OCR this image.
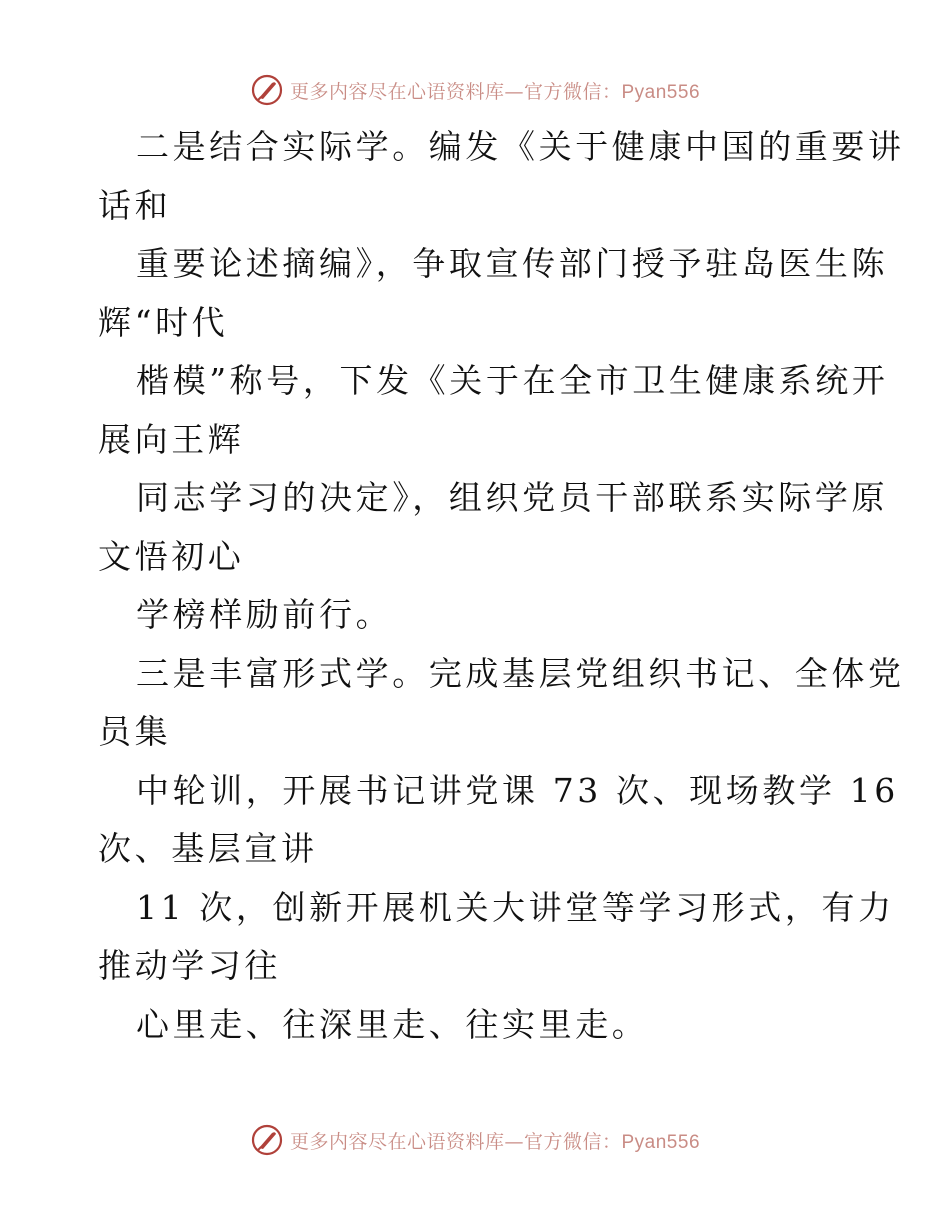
更多内容尽在心语资料库—官方微信：Pyan556
二是结合实际学。编发《关于健康中国的重要讲
话和
重要论述摘编》，争取宣传部门授予驻岛医生陈
辉“时代
楷模”称号，下发《关于在全市卫生健康系统开
展向王辉
同志学习的决定》，组织党员干部联系实际学原
文悟初心
学榜样励前行。
三是丰富形式学。完成基层党组织书记、全体党
员集
中轮训，开展书记讲党课 73 次、现场教学 16
次、基层宣讲
11 次，创新开展机关大讲堂等学习形式，有力
推动学习往
心里走、往深里走、往实里走。
更多内容尽在心语资料库—官方微信：Pyan556
